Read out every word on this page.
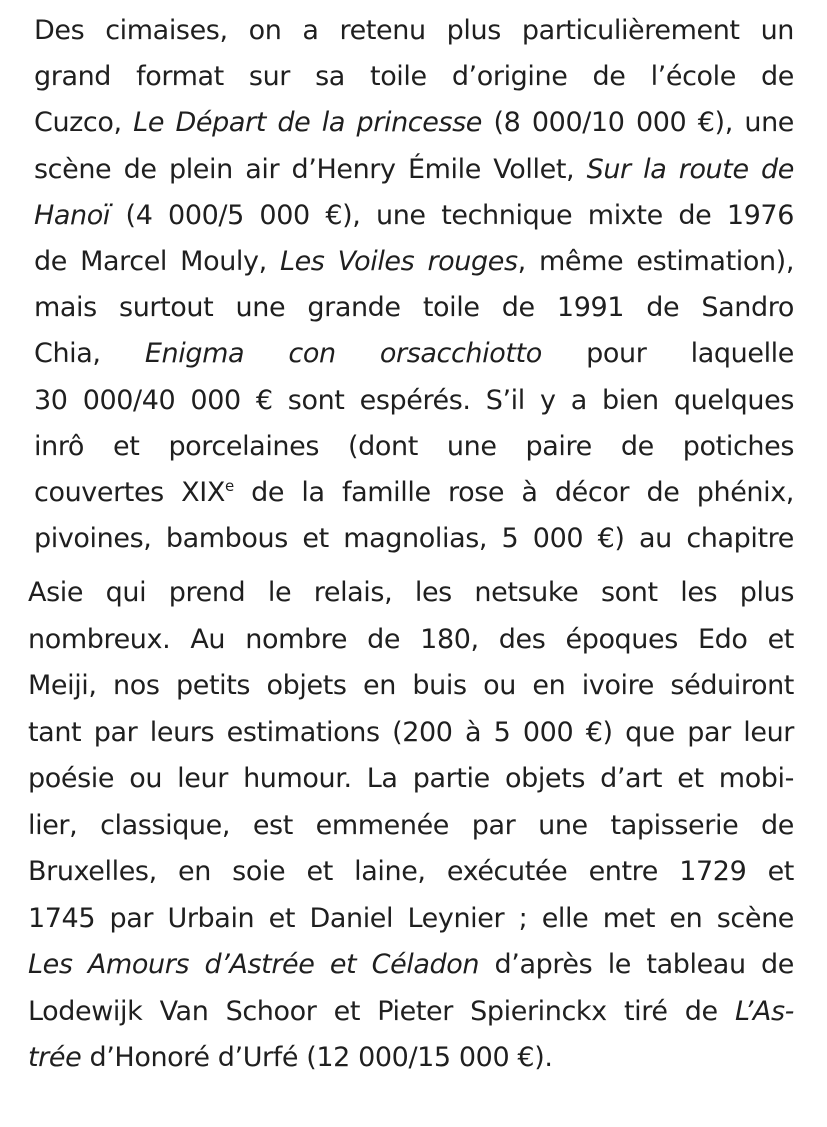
Des cimaises, on a retenu plus particulièrement un
grand format sur sa toile d’origine de l’école de
Cuzco, Le Départ de la princesse (8 000/10 000 €), une
scène de plein air d’Henry Émile Vollet, Sur la route de
Hanoï (4 000/5 000 €), une technique mixte de 1976
de Marcel Mouly, Les Voiles rouges, même estimation),
mais surtout une grande toile de 1991 de Sandro
Chia, Enigma con orsacchiotto pour laquelle
30 000/40 000 € sont espérés. S’il y a bien quelques
inrô et porcelaines (dont une paire de potiches
couvertes XIXe de la famille rose à décor de phénix,
pivoines, bambous et magnolias, 5 000 €) au chapitre
Asie qui prend le relais, les netsuke sont les plus
nombreux. Au nombre de 180, des époques Edo et
Meiji, nos petits objets en buis ou en ivoire séduiront
tant par leurs estimations (200 à 5 000 €) que par leur
poésie ou leur humour. La partie objets d’art et mobi-
lier, classique, est emmenée par une tapisserie de
Bruxelles, en soie et laine, exécutée entre 1729 et
1745 par Urbain et Daniel Leynier ; elle met en scène
Les Amours d’Astrée et Céladon d’après le tableau de
Lodewijk Van Schoor et Pieter Spierinckx tiré de L’As-
trée d’Honoré d’Urfé (12 000/15 000 €).
